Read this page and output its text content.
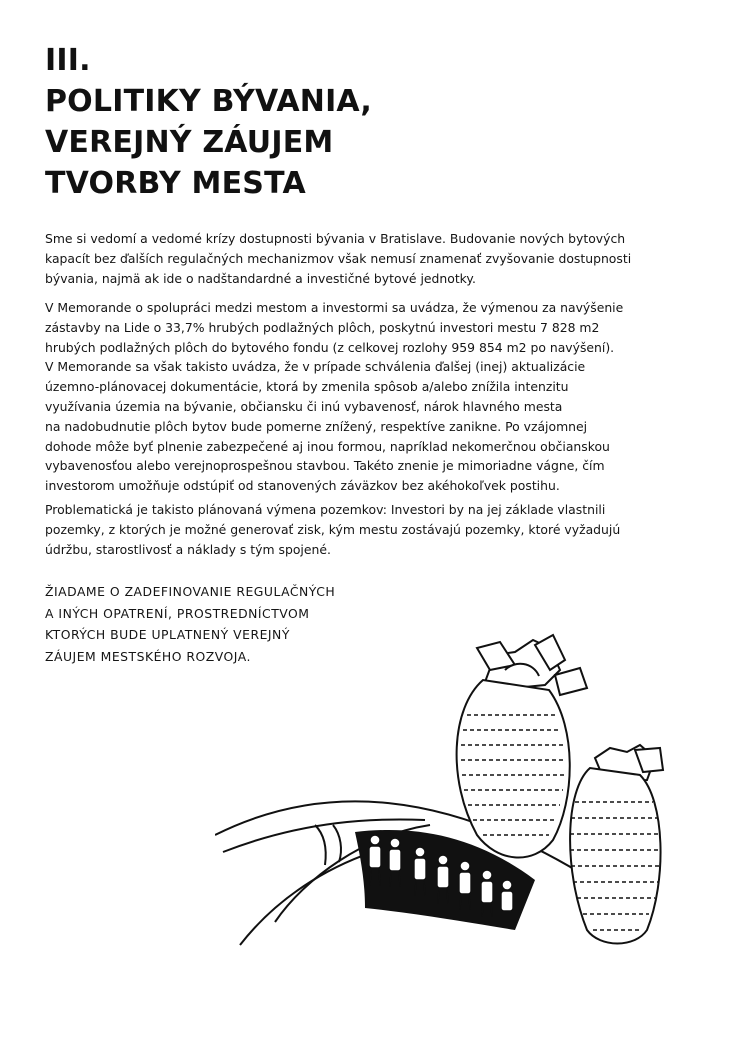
III.
POLITIKY BÝVANIA,
VEREJNÝ ZÁUJEM
TVORBY MESTA

Sme si vedomí a vedomé krízy dostupnosti bývania v Bratislave. Budovanie nových bytových
kapacít bez ďalších regulačných mechanizmov však nemusí znamenať zvyšovanie dostupnosti
bývania, najmä ak ide o nadštandardné a investičné bytové jednotky.

V Memorande o spolupráci medzi mestom a investormi sa uvádza, že výmenou za navýšenie
zástavby na Lide o 33,7% hrubých podlažných plôch, poskytnú investori mestu 7 828 m2
hrubých podlažných plôch do bytového fondu (z celkovej rozlohy 959 854 m2 po navýšení).
V Memorande sa však takisto uvádza, že v prípade schválenia ďalšej (inej) aktualizácie
územno-plánovacej dokumentácie, ktorá by zmenila spôsob a/alebo znížila intenzitu
využívania územia na bývanie, občiansku či inú vybavenosť, nárok hlavného mesta
na nadobudnutie plôch bytov bude pomerne znížený, respektíve zanikne. Po vzájomnej
dohode môže byť plnenie zabezpečené aj inou formou, napríklad nekomerčnou občianskou
vybavenosťou alebo verejnoprospešnou stavbou. Takéto znenie je mimoriadne vágne, čím
investorom umožňuje odstúpiť od stanovených záväzkov bez akéhokoľvek postihu.

Problematická je takisto plánovaná výmena pozemkov: Investori by na jej základe vlastnili
pozemky, z ktorých je možné generovať zisk, kým mestu zostávajú pozemky, ktoré vyžadujú
údržbu, starostlivosť a náklady s tým spojené.

ŽIADAME O ZADEFINOVANIE REGULAČNÝCH
A INÝCH OPATRENÍ, PROSTREDNÍCTVOM
KTORÝCH BUDE UPLATNENÝ VEREJNÝ
ZÁUJEM MESTSKÉHO ROZVOJA.
